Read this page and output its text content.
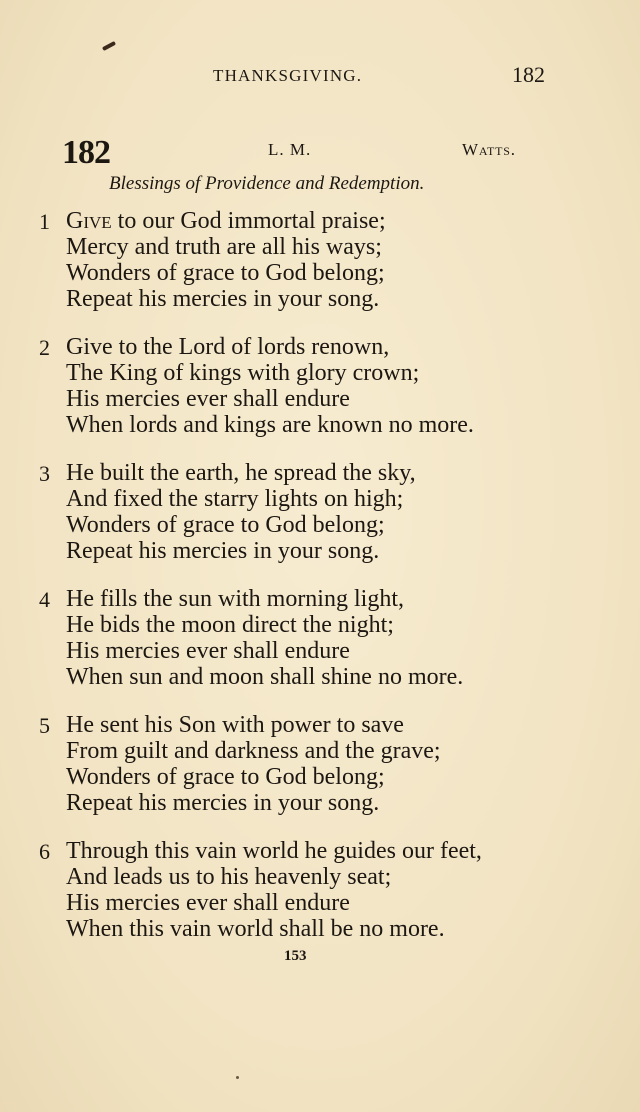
THANKSGIVING.	182
182	L. M.	Watts.
Blessings of Providence and Redemption.
1 Give to our God immortal praise;
Mercy and truth are all his ways;
Wonders of grace to God belong;
Repeat his mercies in your song.
2 Give to the Lord of lords renown,
The King of kings with glory crown;
His mercies ever shall endure
When lords and kings are known no more.
3 He built the earth, he spread the sky,
And fixed the starry lights on high;
Wonders of grace to God belong;
Repeat his mercies in your song.
4 He fills the sun with morning light,
He bids the moon direct the night;
His mercies ever shall endure
When sun and moon shall shine no more.
5 He sent his Son with power to save
From guilt and darkness and the grave;
Wonders of grace to God belong;
Repeat his mercies in your song.
6 Through this vain world he guides our feet,
And leads us to his heavenly seat;
His mercies ever shall endure
When this vain world shall be no more.
153
